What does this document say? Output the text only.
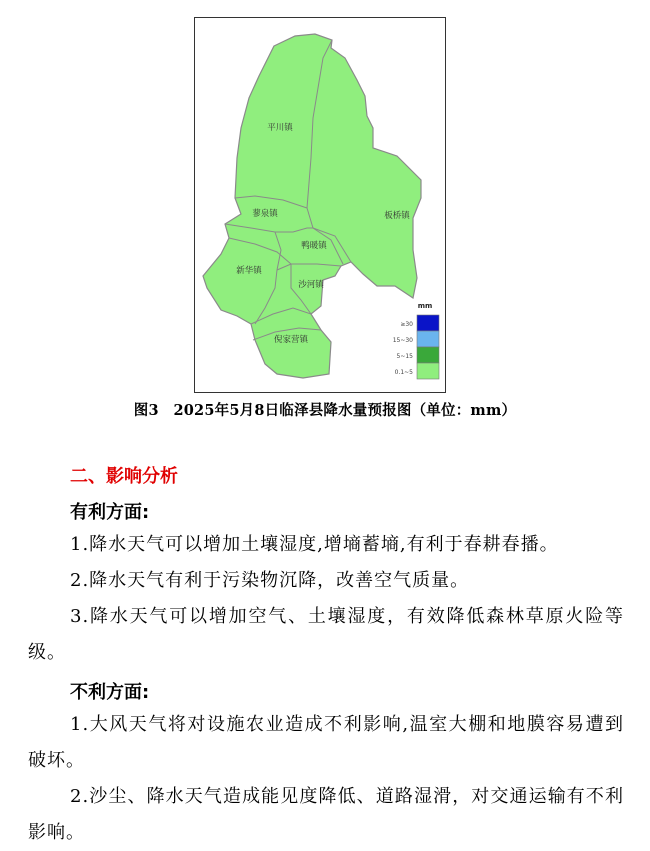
平川镇
板桥镇
蓼泉镇
鸭暖镇
新华镇
沙河镇
倪家营镇
mm
≥30
15~30
5~15
0.1~5
图3　2025年5月8日临泽县降水量预报图（单位：mm）
二、影响分析
有利方面:
1.降水天气可以增加土壤湿度,增墒蓄墒,有利于春耕春播。
2.降水天气有利于污染物沉降，改善空气质量。
3.降水天气可以增加空气、土壤湿度，有效降低森林草原火险等级。
不利方面:
1.大风天气将对设施农业造成不利影响,温室大棚和地膜容易遭到破坏。
2.沙尘、降水天气造成能见度降低、道路湿滑，对交通运输有不利影响。
